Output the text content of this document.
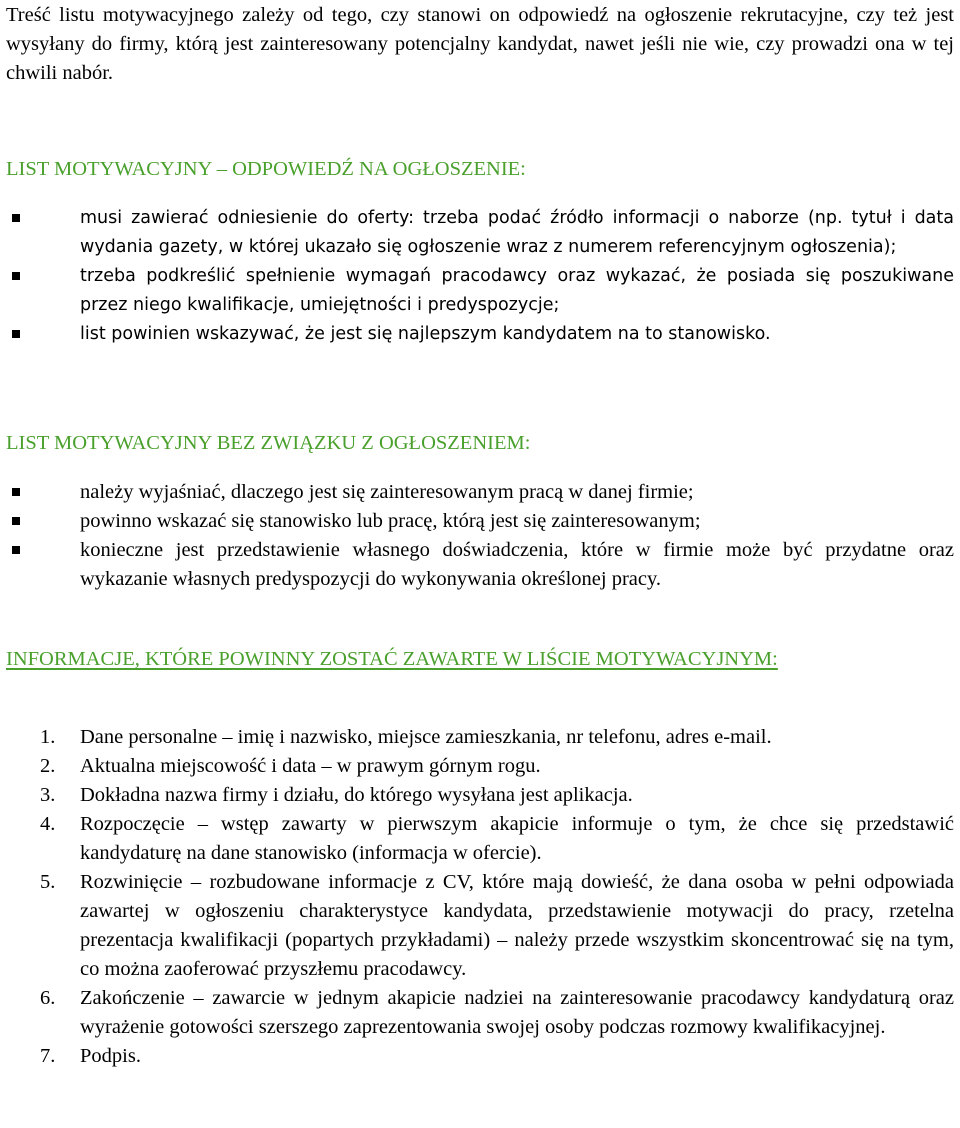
Treść listu motywacyjnego zależy od tego, czy stanowi on odpowiedź na ogłoszenie rekrutacyjne, czy też jest wysyłany do firmy, którą jest zainteresowany potencjalny kandydat, nawet jeśli nie wie, czy prowadzi ona w tej chwili nabór.

LIST MOTYWACYJNY – ODPOWIEDŹ NA OGŁOSZENIE:
musi zawierać odniesienie do oferty: trzeba podać źródło informacji o naborze (np. tytuł i data wydania gazety, w której ukazało się ogłoszenie wraz z numerem referencyjnym ogłoszenia);
trzeba podkreślić spełnienie wymagań pracodawcy oraz wykazać, że posiada się poszukiwane przez niego kwalifikacje, umiejętności i predyspozycje;
list powinien wskazywać, że jest się najlepszym kandydatem na to stanowisko.
LIST MOTYWACYJNY BEZ ZWIĄZKU Z OGŁOSZENIEM:
należy wyjaśniać, dlaczego jest się zainteresowanym pracą w danej firmie;
powinno wskazać się stanowisko lub pracę, którą jest się zainteresowanym;
konieczne jest przedstawienie własnego doświadczenia, które w firmie może być przydatne oraz wykazanie własnych predyspozycji do wykonywania określonej pracy.
INFORMACJE, KTÓRE POWINNY ZOSTAĆ ZAWARTE W LIŚCIE MOTYWACYJNYM:
1. Dane personalne – imię i nazwisko, miejsce zamieszkania, nr telefonu, adres e-mail.
2. Aktualna miejscowość i data – w prawym górnym rogu.
3. Dokładna nazwa firmy i działu, do którego wysyłana jest aplikacja.
4. Rozpoczęcie – wstęp zawarty w pierwszym akapicie informuje o tym, że chce się przedstawić kandydaturę na dane stanowisko (informacja w ofercie).
5. Rozwinięcie – rozbudowane informacje z CV, które mają dowieść, że dana osoba w pełni odpowiada zawartej w ogłoszeniu charakterystyce kandydata, przedstawienie motywacji do pracy, rzetelna prezentacja kwalifikacji (popartych przykładami) – należy przede wszystkim skoncentrować się na tym, co można zaoferować przyszłemu pracodawcy.
6. Zakończenie – zawarcie w jednym akapicie nadziei na zainteresowanie pracodawcy kandydaturą oraz wyrażenie gotowości szerszego zaprezentowania swojej osoby podczas rozmowy kwalifikacyjnej.
7. Podpis.
